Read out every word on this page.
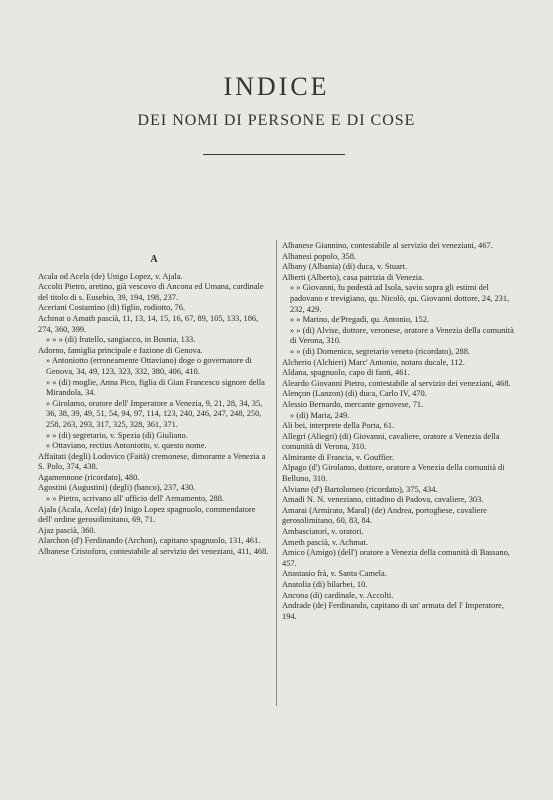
INDICE
DEI NOMI DI PERSONE E DI COSE
A

Acala od Acela (de) Unigo Lopez, v. Ajala.

Accolti Pietro, aretino, già vescovo di Ancona ed Umana, cardinale del titolo di s. Eusebio, 39, 194, 198, 237.

Aceriani Costantino (di) figlio, rodiotto, 76.

Achmat o Amath pascià, 11, 13, 14, 15, 16, 67, 89, 105, 133, 186, 274, 360, 399.

» » » (di) fratello, sangiacco, in Bosnia, 133.

Adorno, famiglia principale e fazione di Genova.

» Antoniotto (erroneamente Ottaviano) doge o governatore di Genova, 34, 49, 123, 323, 332, 380, 406, 410.

» » (di) moglie, Anna Pico, figlia di Gian Francesco signore della Mirandola, 34.

» Girolamo, oratore dell' Imperatore a Venezia, 9, 21, 28, 34, 35, 36, 38, 39, 49, 51, 54, 94, 97, 114, 123, 240, 246, 247, 248, 250, 258, 263, 293, 317, 325, 328, 361, 371.

» » (di) segretario, v. Spezia (di) Giuliano.

» Ottaviano, rectius Antoniotto, v. questo nome.

Affaitati (degli) Lodovico (Faità) cremonese, dimorante a Venezia a S. Polo, 374, 438.

Agamennone (ricordato), 480.

Agostini (Augustini) (degli) (banco), 237, 430.

» » Pietro, scrivano all' ufficio dell' Armamento, 288.

Ajala (Acala, Acela) (de) Inigo Lopez spagnuolo, commendatore dell' ordine gerosolimitano, 69, 71.

Ajaz pascià, 360.

Alarchon (d') Ferdinando (Archon), capitano spagnuolo, 131, 461.

Albanese Cristoforo, contestabile al servizio dei veneziani, 411, 468.

Albanese Giannino, contestabile al servizio dei veneziani, 467.

Albanesi popolo, 358.

Albany (Albania) (di) duca, v. Stuart.

Alberti (Alberto), casa patrizia di Venezia.

» » Giovanni, fu podestà ad Isola, savio sopra gli estimi del padovano e trevigiano, qu. Nicolò, qu. Giovanni dottore, 24, 231, 232, 429.

» » Marino, de'Pregadi, qu. Antonio, 152.

» » (di) Alvise, dottore, veronese, oratore a Venezia della comunità di Verona, 310.

» » (di) Domenico, segretario veneto (ricordato), 288.

Alcherio (Alchieri) Marc' Antonio, notaro ducale, 112.

Aldana, spagnuolo, capo di fanti, 461.

Aleardo Giovanni Pietro, contestabile al servizio dei veneziani, 468.

Alençon (Lanzon) (di) duca, Carlo IV, 470.

Alessio Bernardo, mercante genovese, 71.

» (di) Maria, 249.

Ali bei, interprete della Porta, 61.

Allegri (Aliegri) (di) Giovanni, cavaliere, oratore a Venezia della comunità di Verona, 310.

Almirante di Francia, v. Gouffier.

Alpago (d') Girolamo, dottore, oratore a Venezia della comunità di Belluno, 310.

Alviano (d') Bartolomeo (ricordato), 375, 434.

Amadi N. N. veneziano, cittadino di Padova, cavaliere, 303.

Amarai (Armirato, Maral) (de) Andrea, portoghese, cavaliere gerosolimitano, 60, 83, 84.

Ambasciatori, v. oratori.

Ameth pascià, v. Achmat.

Amico (Amigo) (dell') oratore a Venezia della comunità di Bassano, 457.

Anastasio frà, v. Santa Camela.

Anatolia (di) bilarbei, 10.

Ancona (di) cardinale, v. Accolti.

Andrade (de) Ferdinando, capitano di un' armata del l' Imperatore, 194.
